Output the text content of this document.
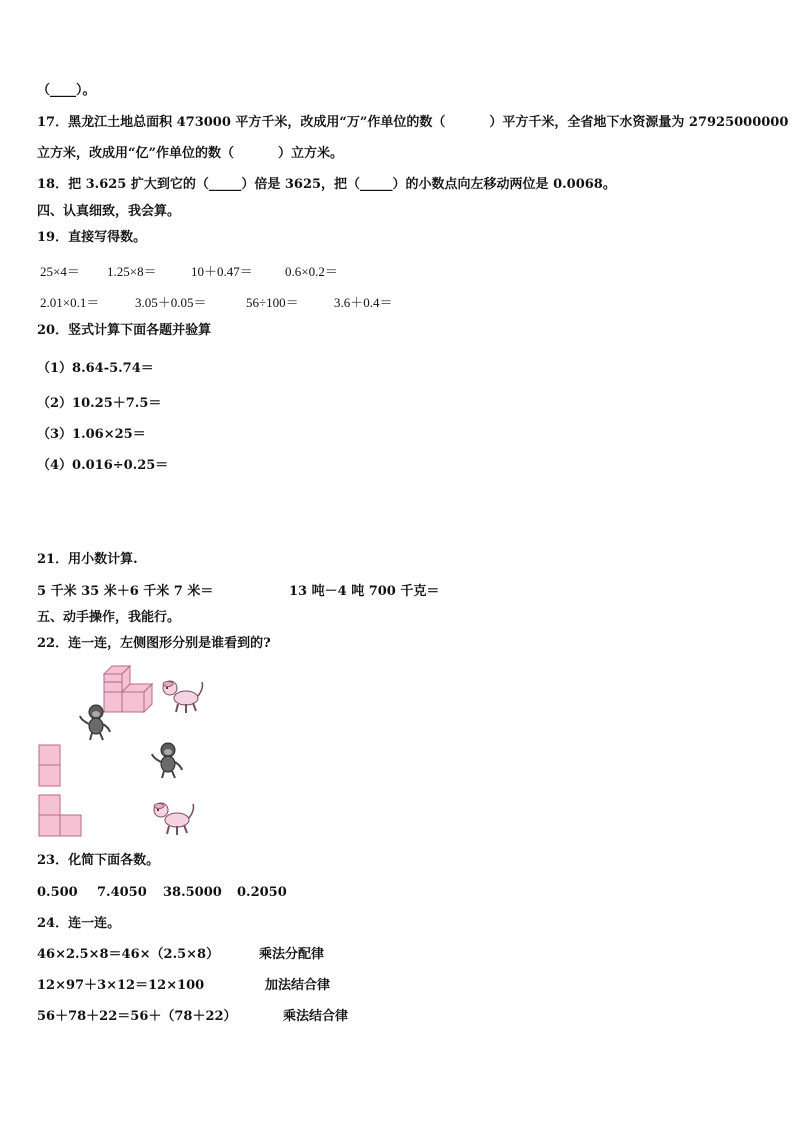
（____）。
17．黑龙江土地总面积 473000 平方千米，改成用“万”作单位的数（	）平方千米，全省地下水资源量为 27925000000
立方米，改成用“亿”作单位的数（	）立方米。
18．把 3.625 扩大到它的（_____）倍是 3625，把（_____）的小数点向左移动两位是 0.0068。
四、认真细致，我会算。
19．直接写得数。
25×4＝ 1.25×8＝	10＋0.47＝ 0.6×0.2＝
2.01×0.1＝	3.05＋0.05＝	56÷100＝	3.6＋0.4＝
20．竖式计算下面各题并验算
（1）8.64-5.74＝
（2）10.25＋7.5＝
（3）1.06×25＝
（4）0.016÷0.25＝
21．用小数计算.
5 千米 35 米＋6 千米 7 米＝	13 吨－4 吨 700 千克＝
五、动手操作，我能行。
22．连一连，左侧图形分别是谁看到的?
23．化简下面各数。
0.500 7.4050 38.5000 0.2050
24．连一连。
46×2.5×8＝46×（2.5×8）	乘法分配律
12×97＋3×12＝12×100	加法结合律
56＋78＋22＝56＋（78＋22）	乘法结合律
